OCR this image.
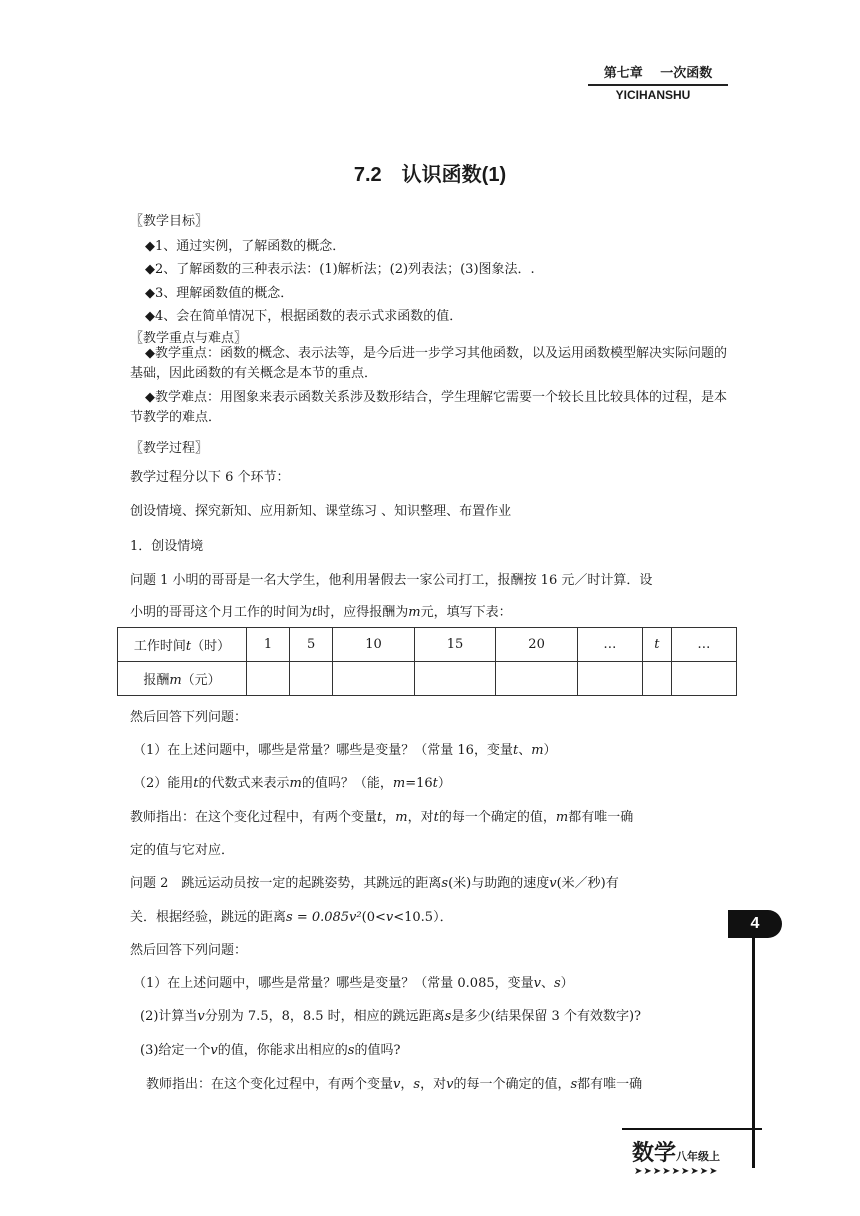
第七章　 一次函数
YICIHANSHU
7.2　认识函数(1)
〖教学目标〗
◆1、通过实例，了解函数的概念．
◆2、了解函数的三种表示法：(1)解析法；(2)列表法；(3)图象法．.
◆3、理解函数值的概念．
◆4、会在简单情况下，根据函数的表示式求函数的值．
〖教学重点与难点〗
◆教学重点：函数的概念、表示法等，是今后进一步学习其他函数，以及运用函数模型解决实际问题的基础，因此函数的有关概念是本节的重点．
◆教学难点：用图象来表示函数关系涉及数形结合，学生理解它需要一个较长且比较具体的过程，是本节教学的难点．
〖教学过程〗
教学过程分以下 6 个环节：
创设情境、探究新知、应用新知、课堂练习 、知识整理、布置作业
1．创设情境
问题 1 小明的哥哥是一名大学生，他利用暑假去一家公司打工，报酬按 16 元／时计算．设
小明的哥哥这个月工作的时间为t时，应得报酬为m元，填写下表：
工作时间t（时）	1	5	10	15	20	…	t	…
报酬m（元）								
然后回答下列问题：
（1）在上述问题中，哪些是常量？哪些是变量？（常量 16，变量t、m）
（2）能用t的代数式来表示m的值吗？（能，m=16t）
教师指出：在这个变化过程中，有两个变量t，m，对t的每一个确定的值，m都有唯一确
定的值与它对应．
问题 2　跳远运动员按一定的起跳姿势，其跳远的距离s(米)与助跑的速度v(米／秒)有
关．根据经验，跳远的距离s = 0.085v²(0<v<10.5）．
然后回答下列问题：
（1）在上述问题中，哪些是常量？哪些是变量？（常量 0.085，变量v、s）
(2)计算当v分别为 7.5，8，8.5 时，相应的跳远距离s是多少(结果保留 3 个有效数字)?
(3)给定一个v的值，你能求出相应的s的值吗?
教师指出：在这个变化过程中，有两个变量v，s，对v的每一个确定的值，s都有唯一确
4
数学八年级上
➤➤➤➤➤➤➤➤➤
